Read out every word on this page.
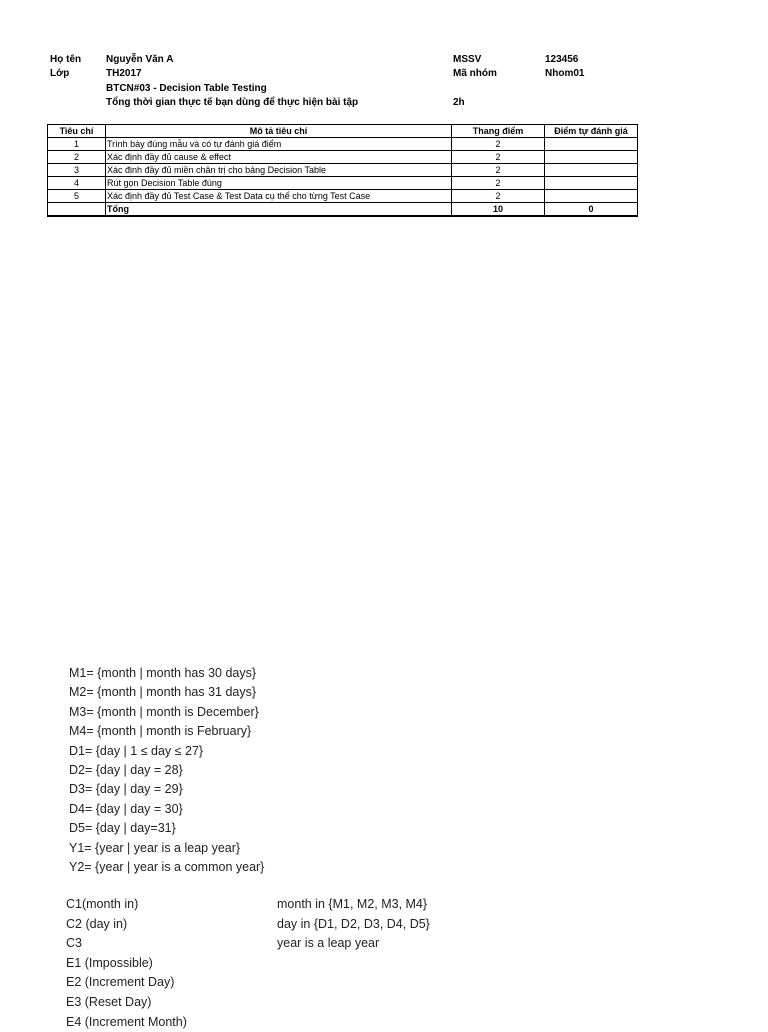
Họ tên Nguyễn Văn A	MSSV	123456
Lớp	TH2017	Mã nhóm	Nhom01
BTCN#03 - Decision Table Testing
Tổng thời gian thực tế bạn dùng để thực hiện bài tập	2h
Tiêu chí	Mô tả tiêu chí	Thang điểm	Điểm tự đánh giá
1	Trình bày đúng mẫu và có tự đánh giá điểm	2	
2	Xác định đầy đủ cause & effect	2	
3	Xác định đầy đủ miền chân trị cho bảng Decision Table	2	
4	Rút gọn Decision Table đúng	2	
5	Xác định đầy đủ Test Case & Test Data cụ thể cho từng Test Case	2	
	Tổng	10	0
M1= {month | month has 30 days}
M2= {month | month has 31 days}
M3= {month | month is December}
M4= {month | month is February}
D1= {day | 1 ≤ day ≤ 27}
D2= {day | day = 28}
D3= {day | day = 29}
D4= {day | day = 30}
D5= {day | day=31}
Y1= {year | year is a leap year}
Y2= {year | year is a common year}
C1(month in)	month in {M1, M2, M3, M4}
C2 (day in)	day in {D1, D2, D3, D4, D5}
C3	year is a leap year
E1 (Impossible)
E2 (Increment Day)
E3 (Reset Day)
E4 (Increment Month)
